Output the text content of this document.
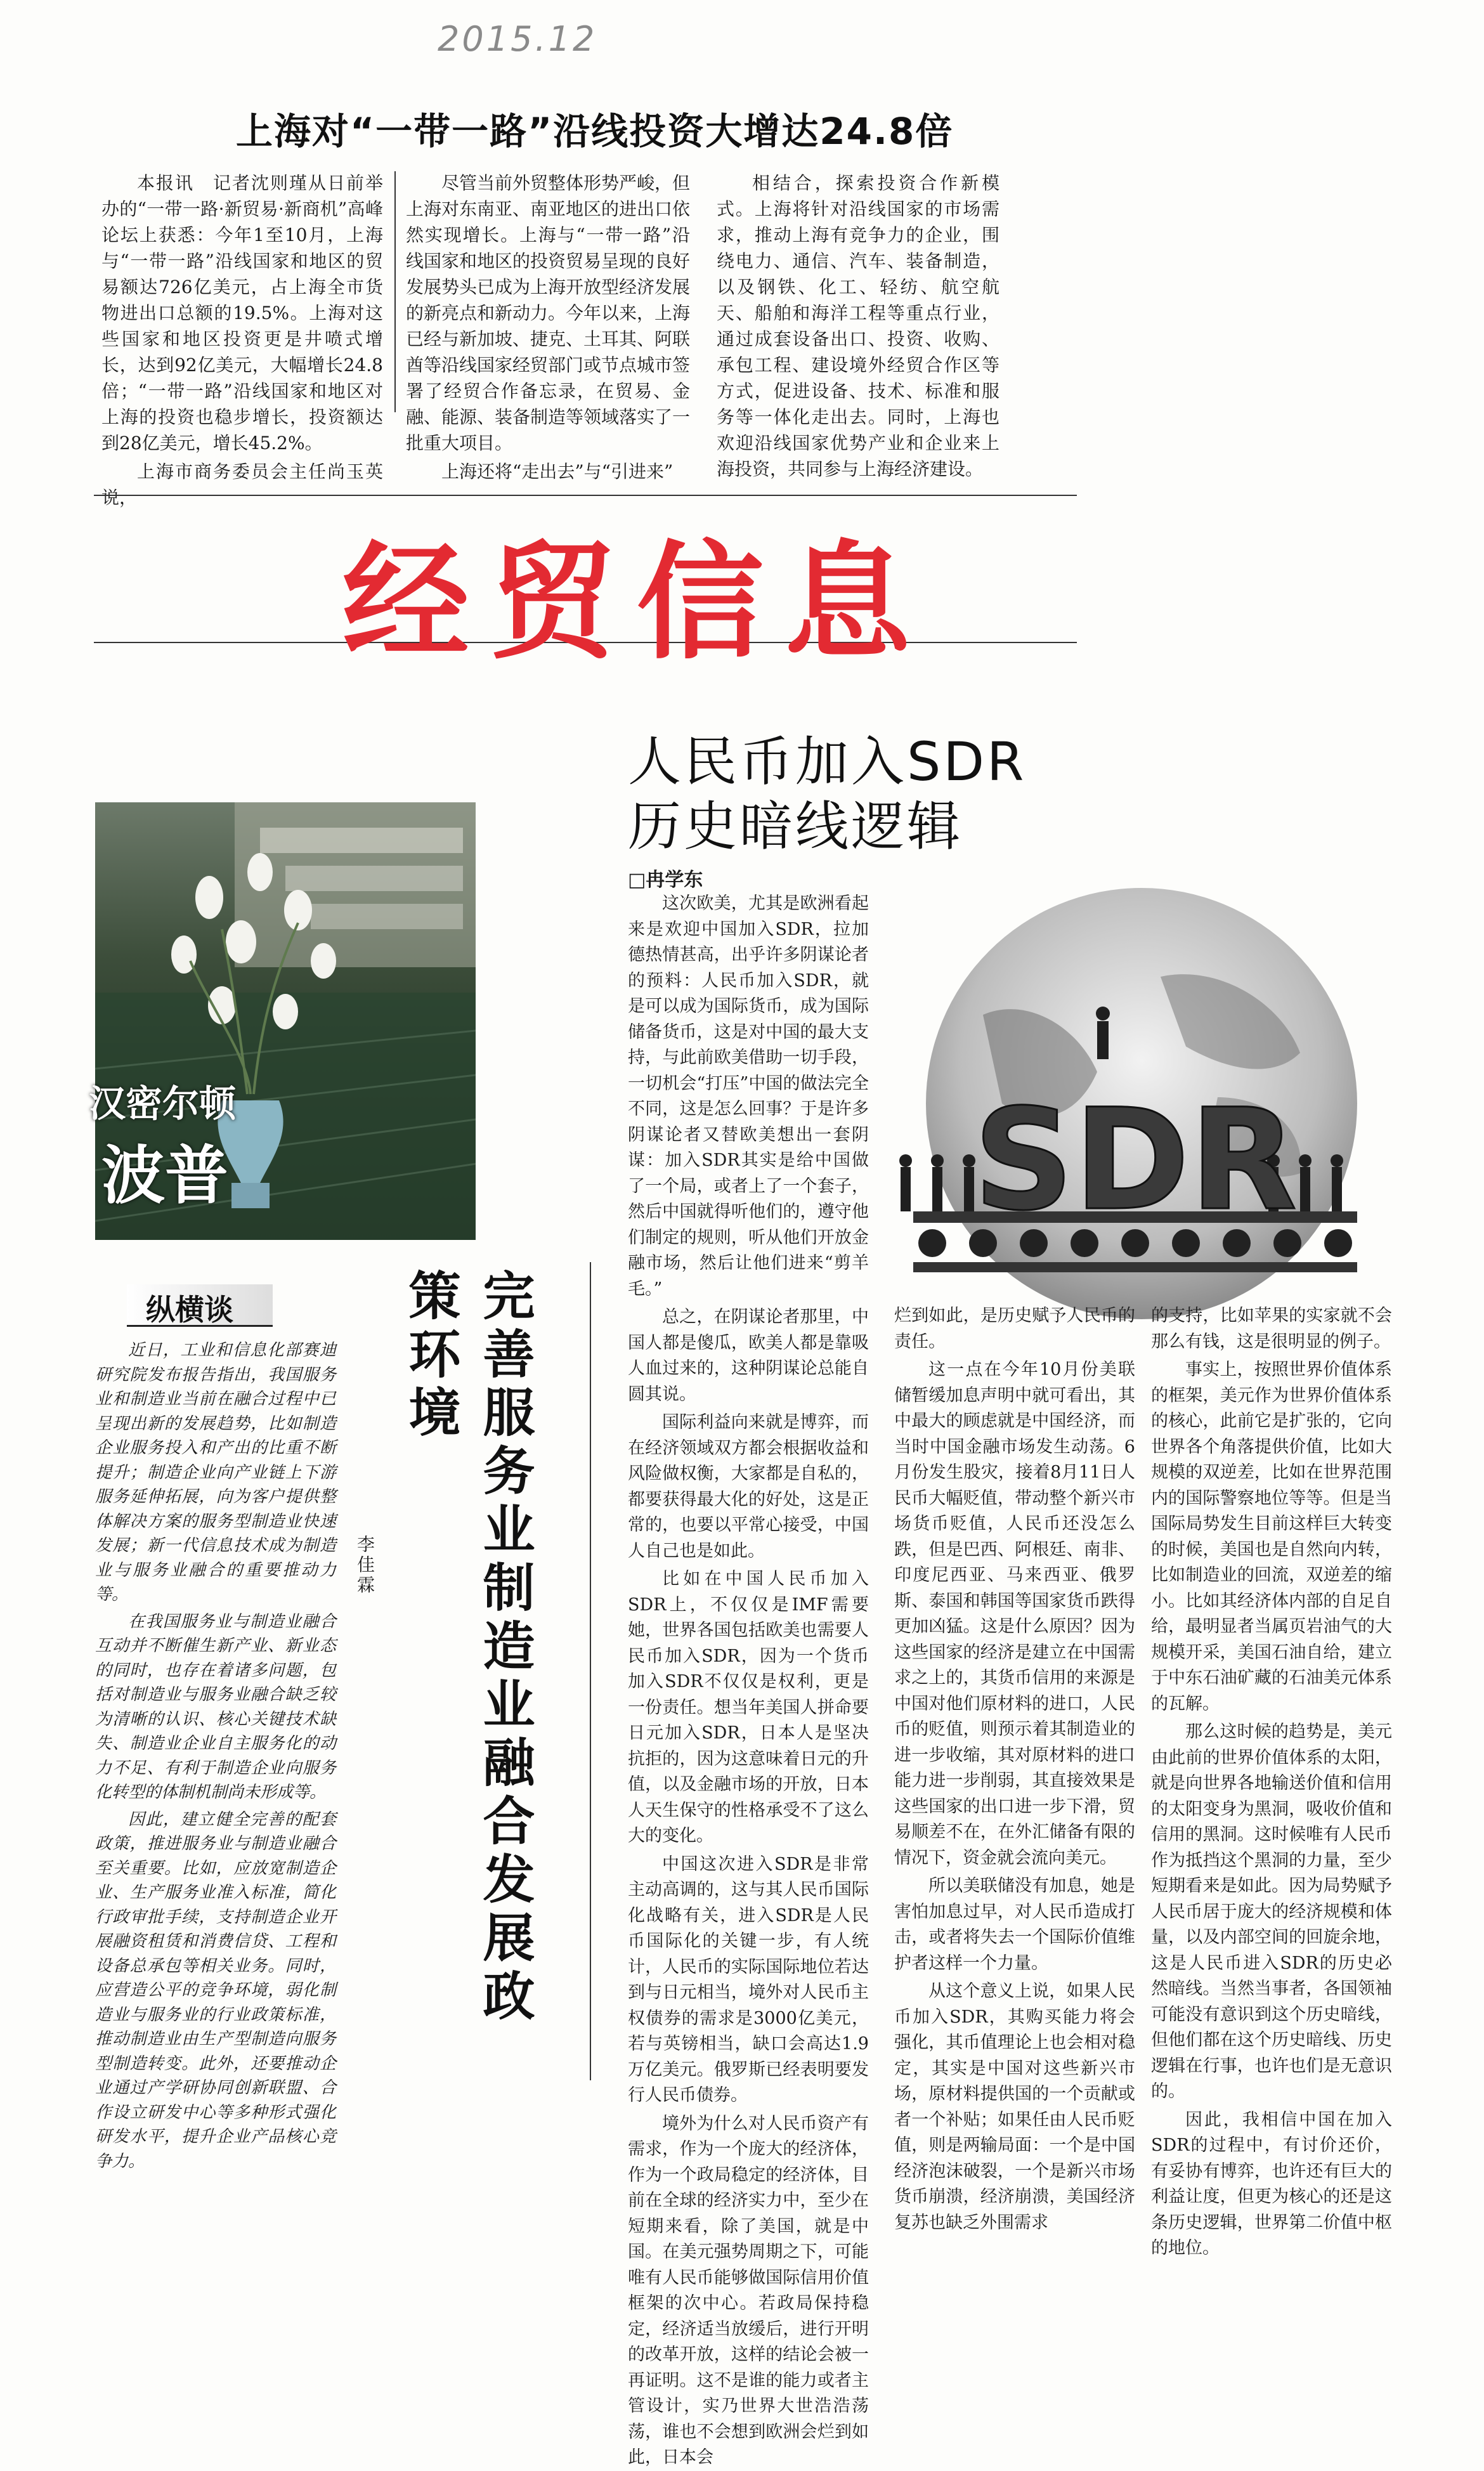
2015.12
上海对“一带一路”沿线投资大增达24.8倍

本报讯　记者沈则瑾从日前举办的“一带一路·新贸易·新商机”高峰论坛上获悉：今年1至10月，上海与“一带一路”沿线国家和地区的贸易额达726亿美元，占上海全市货物进出口总额的19.5%。上海对这些国家和地区投资更是井喷式增长，达到92亿美元，大幅增长24.8倍；“一带一路”沿线国家和地区对上海的投资也稳步增长，投资额达到28亿美元，增长45.2%。

上海市商务委员会主任尚玉英说，

尽管当前外贸整体形势严峻，但上海对东南亚、南亚地区的进出口依然实现增长。上海与“一带一路”沿线国家和地区的投资贸易呈现的良好发展势头已成为上海开放型经济发展的新亮点和新动力。今年以来，上海已经与新加坡、捷克、土耳其、阿联酋等沿线国家经贸部门或节点城市签署了经贸合作备忘录，在贸易、金融、能源、装备制造等领域落实了一批重大项目。

上海还将“走出去”与“引进来”

相结合，探索投资合作新模式。上海将针对沿线国家的市场需求，推动上海有竞争力的企业，围绕电力、通信、汽车、装备制造，以及钢铁、化工、轻纺、航空航天、船舶和海洋工程等重点行业，通过成套设备出口、投资、收购、承包工程、建设境外经贸合作区等方式，促进设备、技术、标准和服务等一体化走出去。同时，上海也欢迎沿线国家优势产业和企业来上海投资，共同参与上海经济建设。

经贸信息
人民币加入SDR
历史暗线逻辑
□冉学东
汉密尔顿
波普
纵横谈	完善服务业制造业融合发展政策环境
李佳霖

近日，工业和信息化部赛迪研究院发布报告指出，我国服务业和制造业当前在融合过程中已呈现出新的发展趋势，比如制造企业服务投入和产出的比重不断提升；制造企业向产业链上下游服务延伸拓展，向为客户提供整体解决方案的服务型制造业快速发展；新一代信息技术成为制造业与服务业融合的重要推动力等。

在我国服务业与制造业融合互动并不断催生新产业、新业态的同时，也存在着诸多问题，包括对制造业与服务业融合缺乏较为清晰的认识、核心关键技术缺失、制造业企业自主服务化的动力不足、有利于制造企业向服务化转型的体制机制尚未形成等。

因此，建立健全完善的配套政策，推进服务业与制造业融合至关重要。比如，应放宽制造企业、生产服务业准入标准，简化行政审批手续，支持制造企业开展融资租赁和消费信贷、工程和设备总承包等相关业务。同时，应营造公平的竞争环境，弱化制造业与服务业的行业政策标准，推动制造业由生产型制造向服务型制造转变。此外，还要推动企业通过产学研协同创新联盟、合作设立研发中心等多种形式强化研发水平，提升企业产品核心竞争力。

SDR

这次欧美，尤其是欧洲看起来是欢迎中国加入SDR，拉加德热情甚高，出乎许多阴谋论者的预料：人民币加入SDR，就是可以成为国际货币，成为国际储备货币，这是对中国的最大支持，与此前欧美借助一切手段，一切机会“打压”中国的做法完全不同，这是怎么回事？于是许多阴谋论者又替欧美想出一套阴谋：加入SDR其实是给中国做了一个局，或者上了一个套子，然后中国就得听他们的，遵守他们制定的规则，听从他们开放金融市场，然后让他们进来“剪羊毛。”

总之，在阴谋论者那里，中国人都是傻瓜，欧美人都是靠吸人血过来的，这种阴谋论总能自圆其说。

国际利益向来就是博弈，而在经济领域双方都会根据收益和风险做权衡，大家都是自私的，都要获得最大化的好处，这是正常的，也要以平常心接受，中国人自己也是如此。

比如在中国人民币加入SDR上，不仅仅是IMF需要她，世界各国包括欧美也需要人民币加入SDR，因为一个货币加入SDR不仅仅是权利，更是一份责任。想当年美国人拼命要日元加入SDR，日本人是坚决抗拒的，因为这意味着日元的升值，以及金融市场的开放，日本人天生保守的性格承受不了这么大的变化。

中国这次进入SDR是非常主动高调的，这与其人民币国际化战略有关，进入SDR是人民币国际化的关键一步，有人统计，人民币的实际国际地位若达到与日元相当，境外对人民币主权债券的需求是3000亿美元，若与英镑相当，缺口会高达1.9万亿美元。俄罗斯已经表明要发行人民币债券。

境外为什么对人民币资产有需求，作为一个庞大的经济体，作为一个政局稳定的经济体，目前在全球的经济实力中，至少在短期来看，除了美国，就是中国。在美元强势周期之下，可能唯有人民币能够做国际信用价值框架的次中心。若政局保持稳定，经济适当放缓后，进行开明的改革开放，这样的结论会被一再证明。这不是谁的能力或者主管设计，实乃世界大世浩浩荡荡，谁也不会想到欧洲会烂到如此，日本会

烂到如此，是历史赋予人民币的责任。

这一点在今年10月份美联储暂缓加息声明中就可看出，其中最大的顾虑就是中国经济，而当时中国金融市场发生动荡。6月份发生股灾，接着8月11日人民币大幅贬值，带动整个新兴市场货币贬值，人民币还没怎么跌，但是巴西、阿根廷、南非、印度尼西亚、马来西亚、俄罗斯、泰国和韩国等国家货币跌得更加凶猛。这是什么原因？因为这些国家的经济是建立在中国需求之上的，其货币信用的来源是中国对他们原材料的进口，人民币的贬值，则预示着其制造业的进一步收缩，其对原材料的进口能力进一步削弱，其直接效果是这些国家的出口进一步下滑，贸易顺差不在，在外汇储备有限的情况下，资金就会流向美元。

所以美联储没有加息，她是害怕加息过早，对人民币造成打击，或者将失去一个国际价值维护者这样一个力量。

从这个意义上说，如果人民币加入SDR，其购买能力将会强化，其币值理论上也会相对稳定，其实是中国对这些新兴市场，原材料提供国的一个贡献或者一个补贴；如果任由人民币贬值，则是两输局面：一个是中国经济泡沫破裂，一个是新兴市场货币崩溃，经济崩溃，美国经济复苏也缺乏外围需求

的支持，比如苹果的实家就不会那么有钱，这是很明显的例子。

事实上，按照世界价值体系的框架，美元作为世界价值体系的核心，此前它是扩张的，它向世界各个角落提供价值，比如大规模的双逆差，比如在世界范围内的国际警察地位等等。但是当国际局势发生目前这样巨大转变的时候，美国也是自然向内转，比如制造业的回流，双逆差的缩小。比如其经济体内部的自足自给，最明显者当属页岩油气的大规模开采，美国石油自给，建立于中东石油矿藏的石油美元体系的瓦解。

那么这时候的趋势是，美元由此前的世界价值体系的太阳，就是向世界各地输送价值和信用的太阳变身为黑洞，吸收价值和信用的黑洞。这时候唯有人民币作为抵挡这个黑洞的力量，至少短期看来是如此。因为局势赋予人民币居于庞大的经济规模和体量，以及内部空间的回旋余地，这是人民币进入SDR的历史必然暗线。当然当事者，各国领袖可能没有意识到这个历史暗线，但他们都在这个历史暗线、历史逻辑在行事，也许也们是无意识的。

因此，我相信中国在加入SDR的过程中，有讨价还价，有妥协有博弈，也许还有巨大的利益让度，但更为核心的还是这条历史逻辑，世界第二价值中枢的地位。
